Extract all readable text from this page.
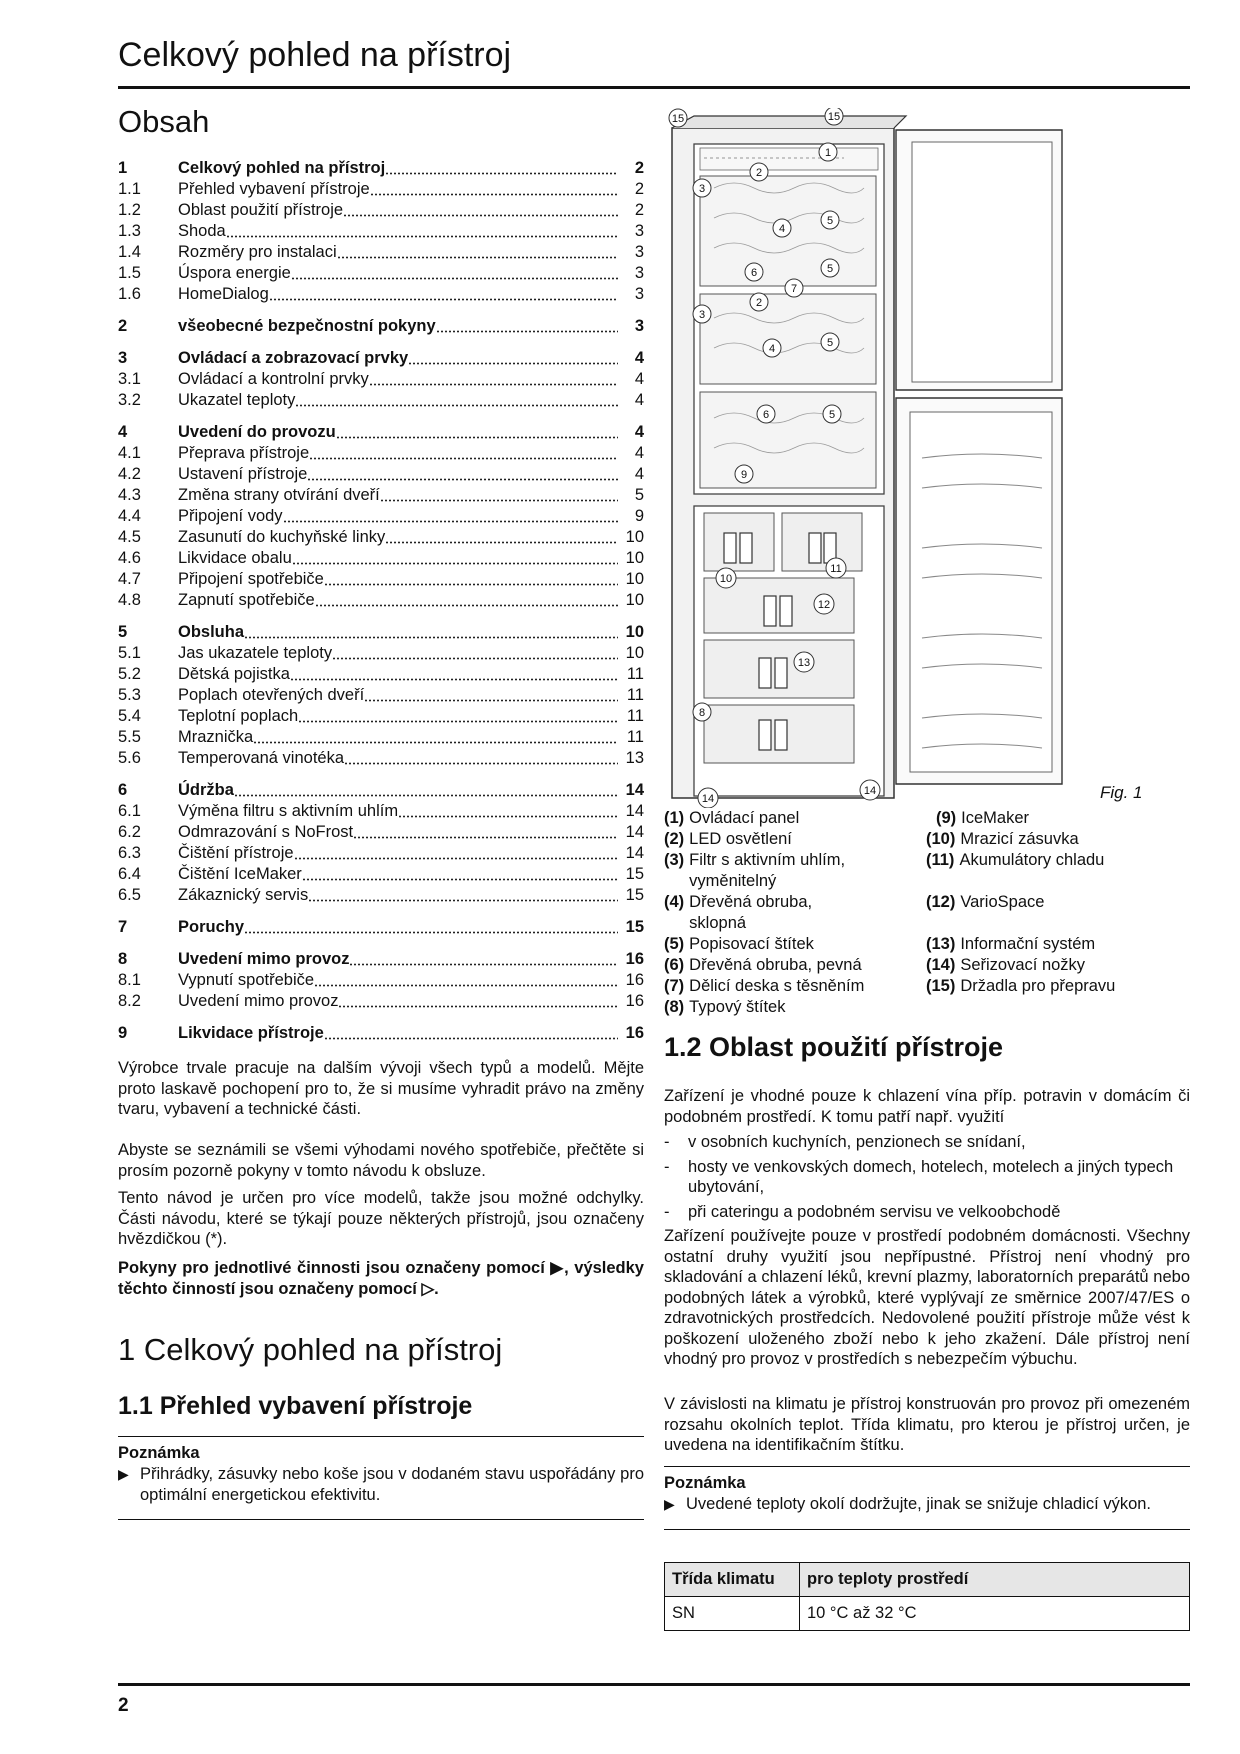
Celkový pohled na přístroj
Obsah
1	Celkový pohled na přístroj	2
1.1	Přehled vybavení přístroje	2
1.2	Oblast použití přístroje	2
1.3	Shoda	3
1.4	Rozměry pro instalaci	3
1.5	Úspora energie	3
1.6	HomeDialog	3
2	všeobecné bezpečnostní pokyny	3
3	Ovládací a zobrazovací prvky	4
3.1	Ovládací a kontrolní prvky	4
3.2	Ukazatel teploty	4
4	Uvedení do provozu	4
4.1	Přeprava přístroje	4
4.2	Ustavení přístroje	4
4.3	Změna strany otvírání dveří	5
4.4	Připojení vody	9
4.5	Zasunutí do kuchyňské linky	10
4.6	Likvidace obalu	10
4.7	Připojení spotřebiče	10
4.8	Zapnutí spotřebiče	10
5	Obsluha	10
5.1	Jas ukazatele teploty	10
5.2	Dětská pojistka	11
5.3	Poplach otevřených dveří	11
5.4	Teplotní poplach	11
5.5	Mraznička	11
5.6	Temperovaná vinotéka	13
6	Údržba	14
6.1	Výměna filtru s aktivním uhlím	14
6.2	Odmrazování s NoFrost	14
6.3	Čištění přístroje	14
6.4	Čištění IceMaker	15
6.5	Zákaznický servis	15
7	Poruchy	15
8	Uvedení mimo provoz	16
8.1	Vypnutí spotřebiče	16
8.2	Uvedení mimo provoz	16
9	Likvidace přístroje	16
Výrobce trvale pracuje na dalším vývoji všech typů a modelů. Mějte proto laskavě pochopení pro to, že si musíme vyhradit právo na změny tvaru, vybavení a technické části.
Abyste se seznámili se všemi výhodami nového spotřebiče, přečtěte si prosím pozorně pokyny v tomto návodu k obsluze.
Tento návod je určen pro více modelů, takže jsou možné odchylky. Části návodu, které se týkají pouze některých přístrojů, jsou označeny hvězdičkou (*).
Pokyny pro jednotlivé činnosti jsou označeny pomocí ▶, výsledky těchto činností jsou označeny pomocí ▷.
1 Celkový pohled na přístroj
1.1 Přehled vybavení přístroje
Poznámka
▶ Přihrádky, zásuvky nebo koše jsou v dodaném stavu uspořádány pro optimální energetickou efektivitu.
15	15
1
2
3
4
5
6	5
7
2
3
4	5
6	5
9
10
11
12
13
8
14
14	Fig. 1
(1) Ovládací panel
(2) LED osvětlení
(3) Filtr s aktivním uhlím, vyměnitelný
(4) Dřevěná obruba, sklopná
(5) Popisovací štítek
(6) Dřevěná obruba, pevná
(7) Dělicí deska s těsněním
(8) Typový štítek
(9) IceMaker
(10) Mrazicí zásuvka
(11) Akumulátory chladu
(12) VarioSpace
(13) Informační systém
(14) Seřizovací nožky
(15) Držadla pro přepravu
1.2 Oblast použití přístroje
Zařízení je vhodné pouze k chlazení vína příp. potravin v domácím či podobném prostředí. K tomu patří např. využití
-	v osobních kuchyních, penzionech se snídaní,
-	hosty ve venkovských domech, hotelech, motelech a jiných typech ubytování,
-	při cateringu a podobném servisu ve velkoobchodě
Zařízení používejte pouze v prostředí podobném domácnosti. Všechny ostatní druhy využití jsou nepřípustné. Přístroj není vhodný pro skladování a chlazení léků, krevní plazmy, laboratorních preparátů nebo podobných látek a výrobků, které vyplývají ze směrnice 2007/47/ES o zdravotnických prostředcích. Nedovolené použití přístroje může vést k poškození uloženého zboží nebo k jeho zkažení. Dále přístroj není vhodný pro provoz v prostředích s nebezpečím výbuchu.
V závislosti na klimatu je přístroj konstruován pro provoz při omezeném rozsahu okolních teplot. Třída klimatu, pro kterou je přístroj určen, je uvedena na identifikačním štítku.
Poznámka
▶ Uvedené teploty okolí dodržujte, jinak se snižuje chladicí výkon.
Třída klimatu	pro teploty prostředí
SN	10 °C až 32 °C
2
